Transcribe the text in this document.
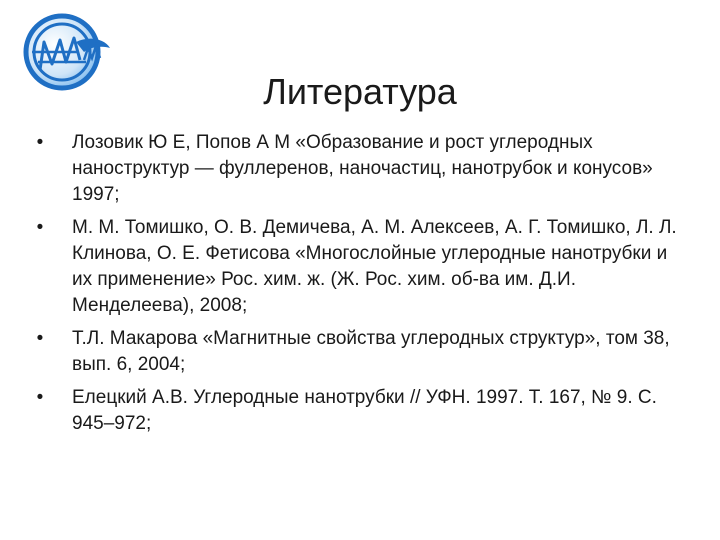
Литература
•	Лозовик Ю Е, Попов А М «Образование и рост углеродных наноструктур — фуллеренов, наночастиц, нанотрубок и конусов» 1997;
•	М. М. Томишко, О. В. Демичева, А. М. Алексеев, А. Г. Томишко, Л. Л. Клинова, О. Е. Фетисова «Многослойные углеродные нанотрубки и их применение» Рос. хим. ж. (Ж. Рос. хим. об-ва им. Д.И. Менделеева), 2008;
•	Т.Л. Макарова «Магнитные свойства углеродных структур», том 38, вып. 6, 2004;
•	Елецкий А.В. Углеродные нанотрубки // УФН. 1997. Т. 167, № 9. С. 945–972;
